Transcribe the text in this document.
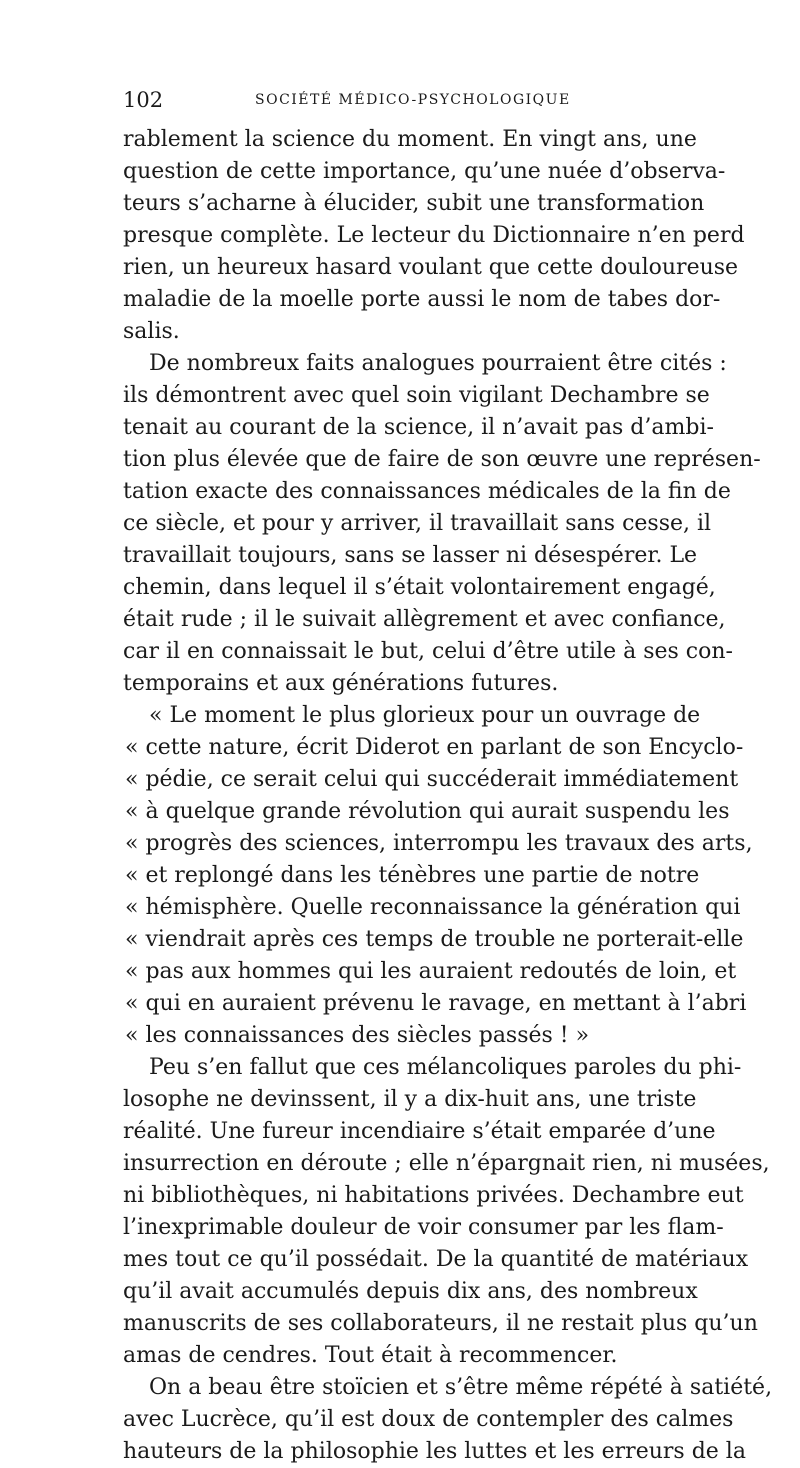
102	SOCIÉTÉ MÉDICO-PSYCHOLOGIQUE
rablement la science du moment. En vingt ans, une
question de cette importance, qu’une nuée d’observa-
teurs s’acharne à élucider, subit une transformation
presque complète. Le lecteur du Dictionnaire n’en perd
rien, un heureux hasard voulant que cette douloureuse
maladie de la moelle porte aussi le nom de tabes dor-
salis.
De nombreux faits analogues pourraient être cités :
ils démontrent avec quel soin vigilant Dechambre se
tenait au courant de la science, il n’avait pas d’ambi-
tion plus élevée que de faire de son œuvre une représen-
tation exacte des connaissances médicales de la fin de
ce siècle, et pour y arriver, il travaillait sans cesse, il
travaillait toujours, sans se lasser ni désespérer. Le
chemin, dans lequel il s’était volontairement engagé,
était rude ; il le suivait allègrement et avec confiance,
car il en connaissait le but, celui d’être utile à ses con-
temporains et aux générations futures.
« Le moment le plus glorieux pour un ouvrage de
« cette nature, écrit Diderot en parlant de son Encyclo-
« pédie, ce serait celui qui succéderait immédiatement
« à quelque grande révolution qui aurait suspendu les
« progrès des sciences, interrompu les travaux des arts,
« et replongé dans les ténèbres une partie de notre
« hémisphère. Quelle reconnaissance la génération qui
« viendrait après ces temps de trouble ne porterait-elle
« pas aux hommes qui les auraient redoutés de loin, et
« qui en auraient prévenu le ravage, en mettant à l’abri
« les connaissances des siècles passés ! »
Peu s’en fallut que ces mélancoliques paroles du phi-
losophe ne devinssent, il y a dix-huit ans, une triste
réalité. Une fureur incendiaire s’était emparée d’une
insurrection en déroute ; elle n’épargnait rien, ni musées,
ni bibliothèques, ni habitations privées. Dechambre eut
l’inexprimable douleur de voir consumer par les flam-
mes tout ce qu’il possédait. De la quantité de matériaux
qu’il avait accumulés depuis dix ans, des nombreux
manuscrits de ses collaborateurs, il ne restait plus qu’un
amas de cendres. Tout était à recommencer.
On a beau être stoïcien et s’être même répété à satiété,
avec Lucrèce, qu’il est doux de contempler des calmes
hauteurs de la philosophie les luttes et les erreurs de la
